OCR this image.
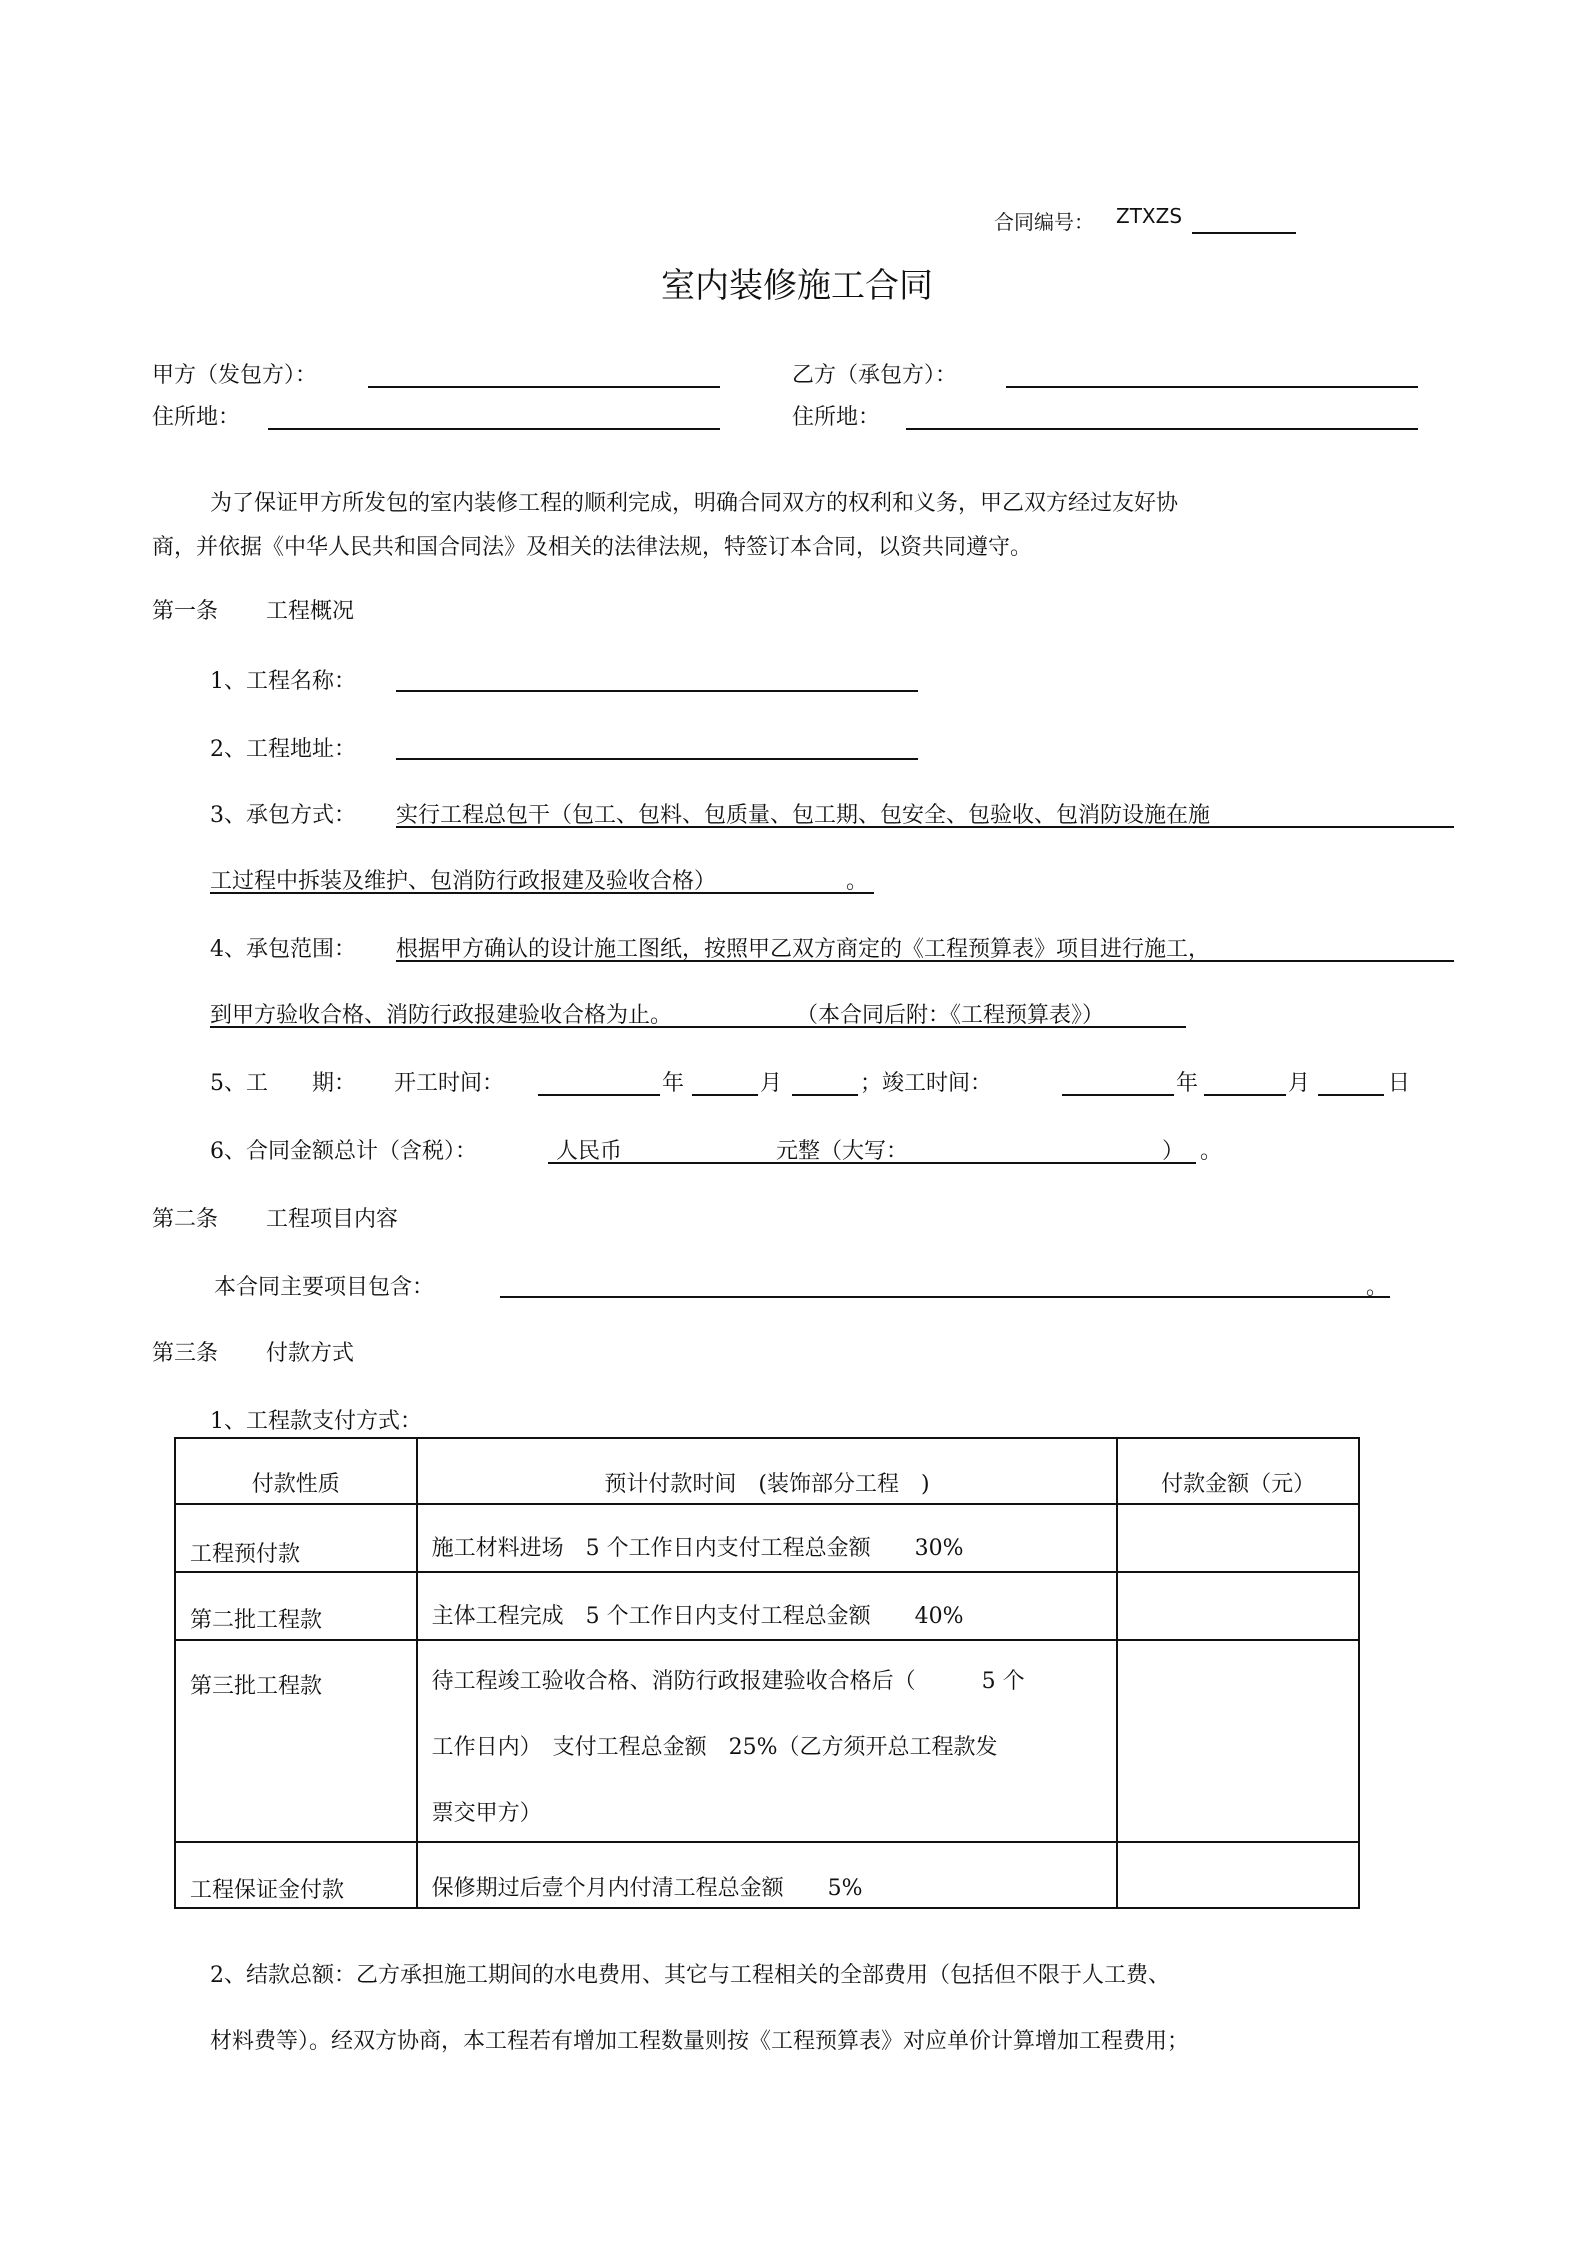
合同编号： ZTXZS
室内装修施工合同
甲方（发包方）：	乙方（承包方）：
住所地：	住所地：
为了保证甲方所发包的室内装修工程的顺利完成，明确合同双方的权利和义务，甲乙双方经过友好协
商，并依据《中华人民共和国合同法》及相关的法律法规，特签订本合同，以资共同遵守。
第一条 工程概况
1、工程名称：
2、工程地址：
3、承包方式： 实行工程总包干（包工、包料、包质量、包工期、包安全、包验收、包消防设施在施
工过程中拆装及维护、包消防行政报建及验收合格）	。
4、承包范围： 根据甲方确认的设计施工图纸，按照甲乙双方商定的《工程预算表》项目进行施工，
到甲方验收合格、消防行政报建验收合格为止。	（本合同后附：《工程预算表》）
5、工　　期： 开工时间：	年	月	；竣工时间：	年	月	日
6、合同金额总计（含税）：	人民币	元整（大写：	） 。
第二条 工程项目内容
本合同主要项目包含：	。
第三条 付款方式
1、工程款支付方式：
付款性质	预计付款时间　(装饰部分工程　)	付款金额（元）
工程预付款	施工材料进场　5 个工作日内支付工程总金额　　30%	
第二批工程款	主体工程完成　5 个工作日内支付工程总金额　　40%	
第三批工程款	待工程竣工验收合格、消防行政报建验收合格后（　　　5 个
工作日内）　支付工程总金额　25%（乙方须开总工程款发
票交甲方）	

工程保证金付款	保修期过后壹个月内付清工程总金额　　5%	
2、结款总额：乙方承担施工期间的水电费用、其它与工程相关的全部费用（包括但不限于人工费、
材料费等）。经双方协商，本工程若有增加工程数量则按《工程预算表》对应单价计算增加工程费用；
